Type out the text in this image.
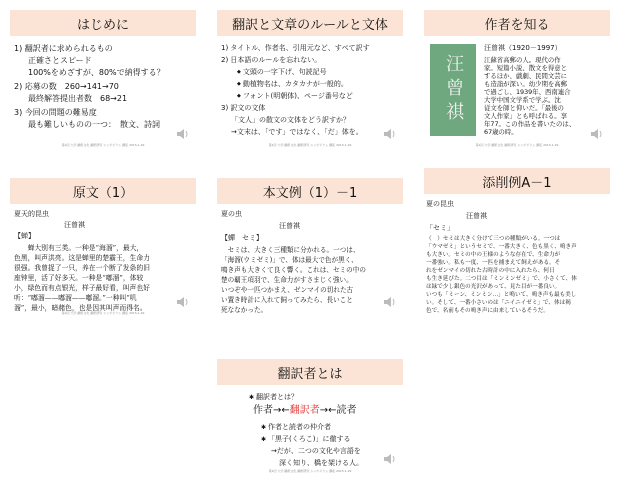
はじめに
1) 翻訳者に求められるもの
正確さとスピード
100%をめざすが、80%で納得する？
2) 応募の数　260→141→70
最終解答提出者数　68→21
3) 今回の問題の難易度
最も難しいものの一つ：　散文、詩詞
第1回 大学 翻訳文化 翻訳研究 シンポジウム 講座 2015.1.29
翻訳と文章のルールと文体
1) タイトル、作者名、引用元など、すべて訳す
2) 日本語のルールを忘れない。
◆ 文頭の一字下げ、句読記号
◆ 動植物名は、カタカナが一般的。
◆ フォント(明朝体)、ページ番号など
3) 訳文の文体
「文人」の散文の文体をどう訳すか？
→文末は、「です」ではなく、「だ」体を。
第1回 大学 翻訳文化 翻訳研究 シンポジウム 講座 2015.1.29
作者を知る
汪曾祺
汪曾祺（1920－1997）
江蘇省高郵の人。現代の作
家。短篇小説、散文を得意と
するほか、戯劇、民間文芸に
も造詣が深い。幼少期を高郵
で過ごし、1939年、西南連合
大学中国文学系で学ぶ。沈
従文を師と仰いだ。「最後の
文人作家」とも呼ばれる。享
年77。この作品を書いたのは、
67歳の時。
第1回 大学 翻訳文化 翻訳研究 シンポジウム 講座 2015.1.29
原文（1）
夏天的昆虫
汪曾祺
【蝉】
　　蝉大别有三类。一种是“海溜”，最大，
色黑，叫声洪亮。这是蝉里的楚霸王，生命力
很强。我曾捉了一只，养在一个断了发条的旧
座钟里，活了好多天。一种是“嘟溜”，体较
小，绿色而有点银光，样子最好看，叫声也好
听：“嘟溜——嘟溜——嘟溜。”一种叫“叽
溜”，最小，暗赭色，也是因其叫声而得名。
第1回 大学 翻訳文化 翻訳研究 シンポジウム 講座 2015.1.29
本文例（1）－1
夏の虫
汪曾祺
【蟬　セミ】
　セミは、大きく三種類に分かれる。一つは、
「海溜(ウミゼミ)」で、体は最大で色が黒く、
鳴き声も大きくて良く響く。これは、セミの中の
楚の覇王項羽で、生命力がすさまじく強い。
いつぞや一匹つかまえ、ゼンマイの切れた古
い置き時計に入れて飼ってみたら、長いこと
死ななかった。
添削例A－1
夏の昆虫
汪曾祺
「セミ」
（　）セミは大きく分けて三つの種類がいる。一つは
「ウマゼミ」というセミで、一番大きく、色も黒く、鳴き声
も大きい。セミの中の王様のような存在で、生命力が
一番強い。私も一度、一匹を捕まえて飼えがある。そ
れをゼンマイの切れた古時計の中に入れたら、何日
も生き延びた。二つ目は「ミンミンゼミ」で、小さくて、体
は緑で少し銀色の光沢があって、見た目が一番良い。
いつも「ミーン、ミンミン…」と鳴いて、鳴き声も最も美し
い。そして、一番小さいのは「ニイニイゼミ」で、体は褐
色で、名前もその鳴き声に由来しているそうだ。
翻訳者とは
✱ 翻訳者とは？
作者→←翻訳者→←読者
✱ 作者と読者の仲介者
✱ 「黒子(くろこ)」に徹する
→だが、二つの文化や言語を
深く知り、橋を架ける人。
第1回 大学 翻訳文化 翻訳研究 シンポジウム 講座 2015.1.29
